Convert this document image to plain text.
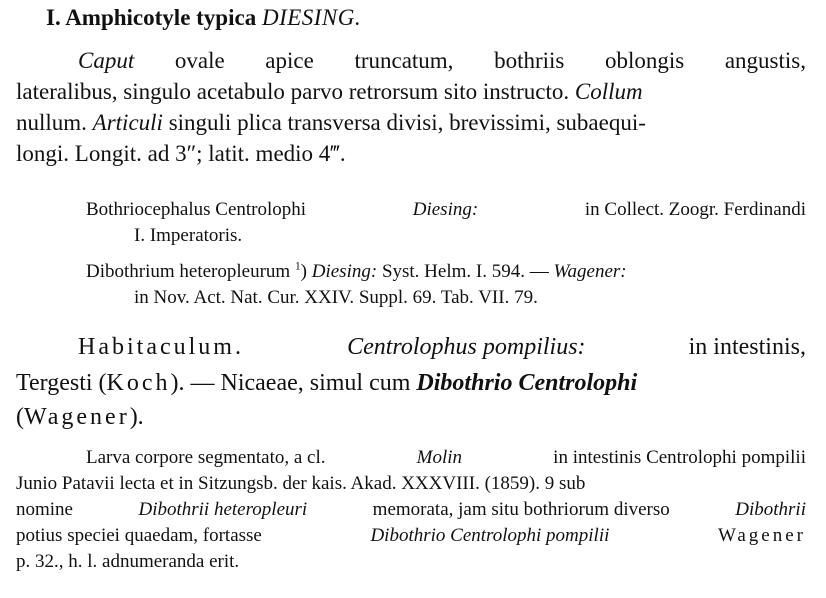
I. Amphicotyle typica DIESING.
Caput ovale apice truncatum, bothriis oblongis angustis,
lateralibus, singulo acetabulo parvo retrorsum sito instructo. Collum
nullum. Articuli singuli plica transversa divisi, brevissimi, subaequi-
longi. Longit. ad 3″; latit. medio 4‴.
Bothriocephalus Centrolophi	Diesing:	in Collect. Zoogr. Ferdinandi
I. Imperatoris.
Dibothrium heteropleurum $^1$) Diesing: Syst. Helm. I. 594. — Wagener:
in Nov. Act. Nat. Cur. XXIV. Suppl. 69. Tab. VII. 79.
Habitaculum.	Centrolophus pompilius:	in intestinis,
Tergesti (Koch). — Nicaeae, simul cum Dibothrio Centrolophi
(Wagener).
Larva corpore segmentato, a cl.	Molin	in intestinis Centrolophi pompilii
Junio Patavii lecta et in Sitzungsb. der kais. Akad. XXXVIII. (1859). 9 sub
nomine	Dibothrii heteropleuri	memorata, jam situ bothriorum diverso	Dibothrii
potius speciei quaedam, fortasse	Dibothrio Centrolophi pompilii	Wagener
p. 32., h. l. adnumeranda erit.
